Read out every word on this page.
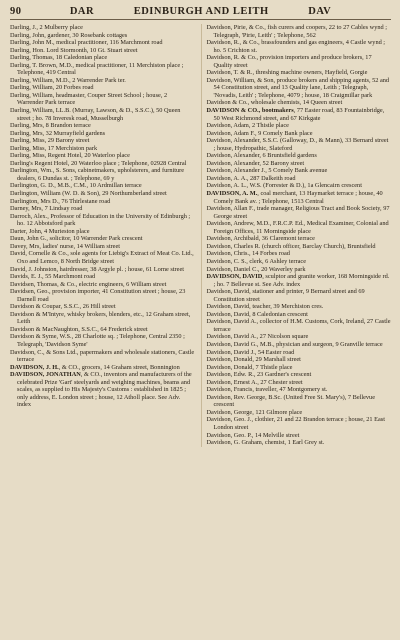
90	DAR	EDINBURGH AND LEITH	DAV
Darling, J., 2 Mulberry place
Darling, John, gardener, 30 Rosebank cottages
Darling, John M., medical practitioner, 116 Marchmont road
Darling, Hon. Lord Stormonth, 10 Gt. Stuart street
Darling, Thomas, 18 Caledonian place
Darling, T. Brown, M.D., medical practitioner, 11 Merchiston place ; Telephone, 419 Central
Darling, William, M.D., 2 Warrender Park ter.
Darling, William, 20 Forbes road
Darling, William, headmaster, Couper Street School ; house, 2 Warrender Park terrace
Darling, William, LL.B. (Murray, Lawson, & D., S.S.C.), 50 Queen street ; ho. 78 Inveresk road, Musselburgh
Darling, Mrs, 8 Brandon terrace
Darling, Mrs, 32 Murrayfield gardens
Darling, Miss, 29 Barony street
Darling, Miss, 17 Merchiston park
Darling, Miss, Regent Hotel, 20 Waterloo place
Darling's Regent Hotel, 20 Waterloo place ; Telephone, 02928 Central
Darlington, Wm., S. Sons, cabinetmakers, upholsterers, and furniture dealers, 6 Dundas st. ; Telephone, 69 y
Darlington, G. D., M.B., C.M., 10 Ardmillan terrace
Darlington, William (W. D. & Son), 29 Northumberland street
Darlington, Mrs D., 76 Thirlestane road
Darney, Mrs, 7 Lindsay road
Darroch, Alex., Professor of Education in the University of Edinburgh ; ho. 12 Abbotsford park
Darter, John, 4 Murieston place
Daun, John G., solicitor, 10 Warrender Park crescent
Davey, Mrs, ladies' nurse, 14 William street
David, Cornelle & Co., sole agents for Liebig's Extract of Meat Co. Ltd., Oxo and Lemco, 8 North Bridge street
David, J. Johnston, hairdresser, 38 Argyle pl. ; house, 61 Lorne street
Davids, E. J., 55 Marchmont road
Davidsen, Thomas, & Co., electric engineers, 6 William street
Davidsen, Geo., provision importer, 41 Constitution street ; house, 23 Darnell road
Davidson & Coupar, S.S.C., 26 Hill street
Davidson & M'Intyre, whisky brokers, blenders, etc., 12 Graham street, Leith
Davidson & MacNaughton, S.S.C., 64 Frederick street
Davidson & Syme, W.S., 28 Charlotte sq. ; Telephone, Central 2350 ; Telegraph, 'Davidson Syme'
Davidson, C., & Sons Ltd., papermakers and wholesale stationers, Castle terrace
DAVIDSON, J. H., & CO., grocers, 14 Graham street, Bonnington
DAVIDSON, JONATHAN, & CO., inventors and manufacturers of the celebrated Prize 'Gart' steelyards and weighing machines, beams and scales, as supplied to His Majesty's Customs : established in 1825 ; only address, E. London street ; house, 12 Atholl place. See Adv. index
Davidson, Pirie, & Co., fish curers and coopers, 22 to 27 Cables wynd ; Telegraph, 'Pirie, Leith' ; Telephone, 562
Davidson, R., & Co., brassfounders and gas engineers, 4 Castle wynd ; ho. 5 Crichton st.
Davidson, R. & Co., provision importers and produce brokers, 17 Quality street
Davidson, T. & R., threshing machine owners, Hayfield, Gorgie
Davidson, William, & Son, produce brokers and shipping agents, 52 and 54 Constitution street, and 13 Quality lane, Leith ; Telegraph, 'Novadis, Leith' ; Telephone, 4079 ; house, 18 Craigmillar park
Davidson & Co., wholesale chemists, 14 Queen street
DAVIDSON & CO., bootmakers, 77 Easter road, 83 Fountainbridge, 50 West Richmond street, and 67 Kirkgate
Davidson, Adam, 2 Thistle place
Davidson, Adam F., 9 Comely Bank place
Davidson, Alexander, S.S.C. (Galloway, D., & Mann), 33 Bernard street ; house, Hydropathic, Slateford
Davidson, Alexander, 6 Bruntsfield gardens
Davidson, Alexander, 52 Barony street
Davidson, Alexander J., 5 Comely Bank avenue
Davidson, A. A., 287 Dalkeith road
Davidson, A. L., W.S. (Forrester & D.), 1a Glencairn crescent
DAVIDSON, A. M., coal merchant, 13 Haymarket terrace ; house, 40 Comely Bank av. ; Telephone, 1513 Central
Davidson, Allan F., trade manager, Religious Tract and Book Society, 97 George street
Davidson, Andrew, M.D., F.R.C.P. Ed., Medical Examiner, Colonial and Foreign Offices, 11 Morningside place
Davidson, Archibald, 36 Claremont terrace
Davidson, Charles R. (church officer, Barclay Church), Bruntsfield
Davidson, Chris., 14 Forbes road
Davidson, C. S., clerk, 6 Ashley terrace
Davidson, Daniel C., 20 Waverley park
DAVIDSON, DAVID, sculptor and granite worker, 168 Morningside rd. ; ho. 7 Bellevue st. See Adv. index
Davidson, David, stationer and printer, 9 Bernard street and 69 Constitution street
Davidson, David, teacher, 39 Merchiston cres.
Davidson, David, 8 Caledonian crescent
Davidson, David A., collector of H.M. Customs, Cork, Ireland, 27 Castle terrace
Davidson, David A., 27 Nicolson square
Davidson, David G., M.B., physician and surgeon, 9 Granville terrace
Davidson, David J., 54 Easter road
Davidson, Donald, 29 Marshall street
Davidson, Donald, 7 Thistle place
Davidson, Edw. R., 23 Gardner's crescent
Davidson, Ernest A., 27 Chester street
Davidson, Francis, traveller, 47 Montgomery st.
Davidson, Rev. George, B.Sc. (United Free St. Mary's), 7 Bellevue crescent
Davidson, George, 121 Gilmore place
Davidson, Geo. J., clothier, 21 and 22 Brandon terrace ; house, 21 East London street
Davidson, Geo. P., 14 Melville street
Davidson, G. Graham, chemist, 1 Earl Grey st.
